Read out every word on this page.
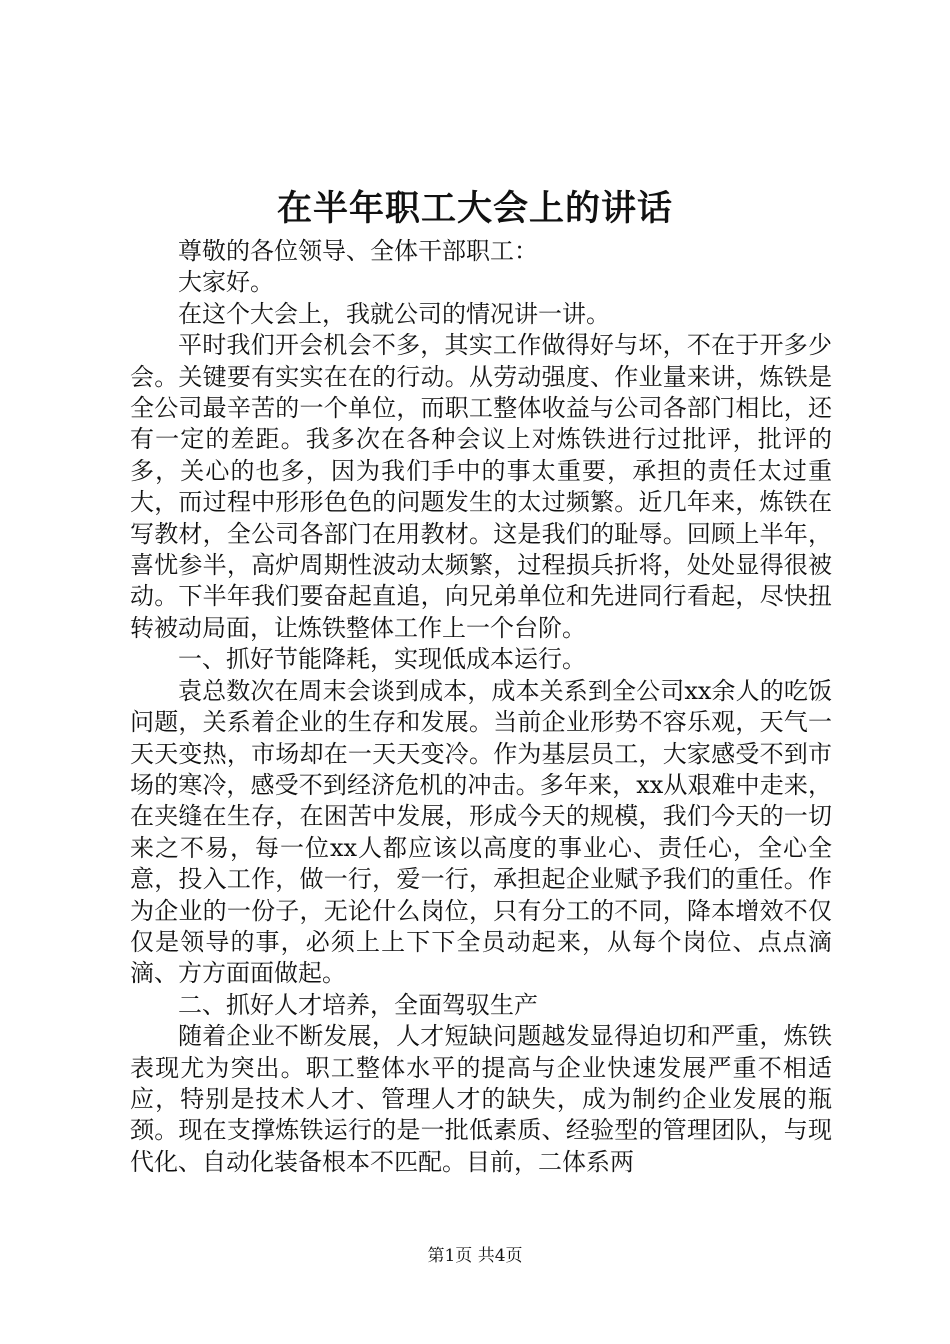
在半年职工大会上的讲话

尊敬的各位领导、全体干部职工：

大家好。

在这个大会上，我就公司的情况讲一讲。

平时我们开会机会不多，其实工作做得好与坏，不在于开多少会。关键要有实实在在的行动。从劳动强度、作业量来讲，炼铁是全公司最辛苦的一个单位，而职工整体收益与公司各部门相比，还有一定的差距。我多次在各种会议上对炼铁进行过批评，批评的多，关心的也多，因为我们手中的事太重要，承担的责任太过重大，而过程中形形色色的问题发生的太过频繁。近几年来，炼铁在写教材，全公司各部门在用教材。这是我们的耻辱。回顾上半年，喜忧参半，高炉周期性波动太频繁，过程损兵折将，处处显得很被动。下半年我们要奋起直追，向兄弟单位和先进同行看起，尽快扭转被动局面，让炼铁整体工作上一个台阶。

一、抓好节能降耗，实现低成本运行。

袁总数次在周末会谈到成本，成本关系到全公司xx余人的吃饭问题，关系着企业的生存和发展。当前企业形势不容乐观，天气一天天变热，市场却在一天天变冷。作为基层员工，大家感受不到市场的寒冷，感受不到经济危机的冲击。多年来，xx从艰难中走来，在夹缝在生存，在困苦中发展，形成今天的规模，我们今天的一切来之不易，每一位xx人都应该以高度的事业心、责任心，全心全意，投入工作，做一行，爱一行，承担起企业赋予我们的重任。作为企业的一份子，无论什么岗位，只有分工的不同，降本增效不仅仅是领导的事，必须上上下下全员动起来，从每个岗位、点点滴滴、方方面面做起。

二、抓好人才培养，全面驾驭生产

随着企业不断发展，人才短缺问题越发显得迫切和严重，炼铁表现尤为突出。职工整体水平的提高与企业快速发展严重不相适应，特别是技术人才、管理人才的缺失，成为制约企业发展的瓶颈。现在支撑炼铁运行的是一批低素质、经验型的管理团队，与现代化、自动化装备根本不匹配。目前，二体系两

第1页 共4页
